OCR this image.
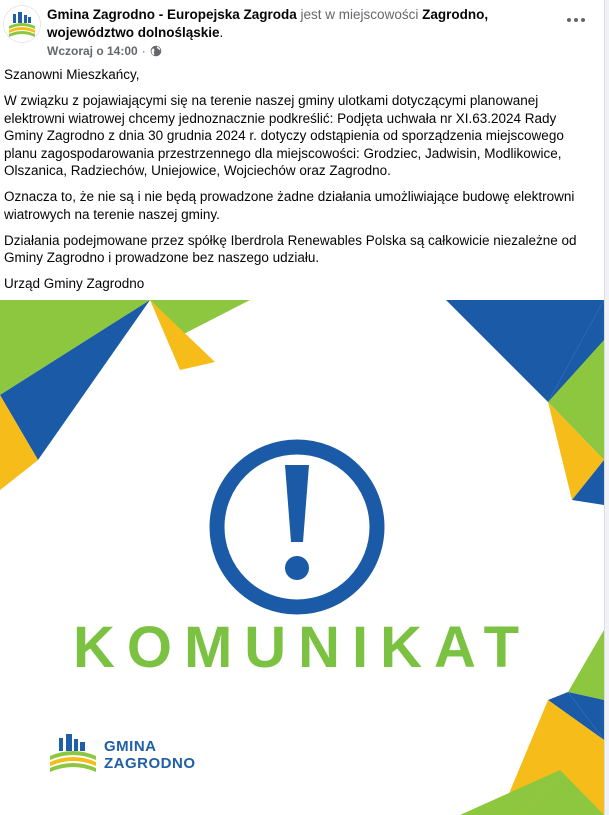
Gmina Zagrodno - Europejska Zagroda jest w miejscowości Zagrodno, województwo dolnośląskie.
Wczoraj o 14:00 ·

Szanowni Mieszkańcy,

W związku z pojawiającymi się na terenie naszej gminy ulotkami dotyczącymi planowanej elektrowni wiatrowej chcemy jednoznacznie podkreślić: Podjęta uchwała nr XI.63.2024 Rady Gminy Zagrodno z dnia 30 grudnia 2024 r. dotyczy odstąpienia od sporządzenia miejscowego planu zagospodarowania przestrzennego dla miejscowości: Grodziec, Jadwisin, Modlikowice, Olszanica, Radziechów, Uniejowice, Wojciechów oraz Zagrodno.

Oznacza to, że nie są i nie będą prowadzone żadne działania umożliwiające budowę elektrowni wiatrowych na terenie naszej gminy.

Działania podejmowane przez spółkę Iberdrola Renewables Polska są całkowicie niezależne od Gminy Zagrodno i prowadzone bez naszego udziału.

Urząd Gminy Zagrodno

KOMUNIKAT
GMINA
ZAGRODNO
